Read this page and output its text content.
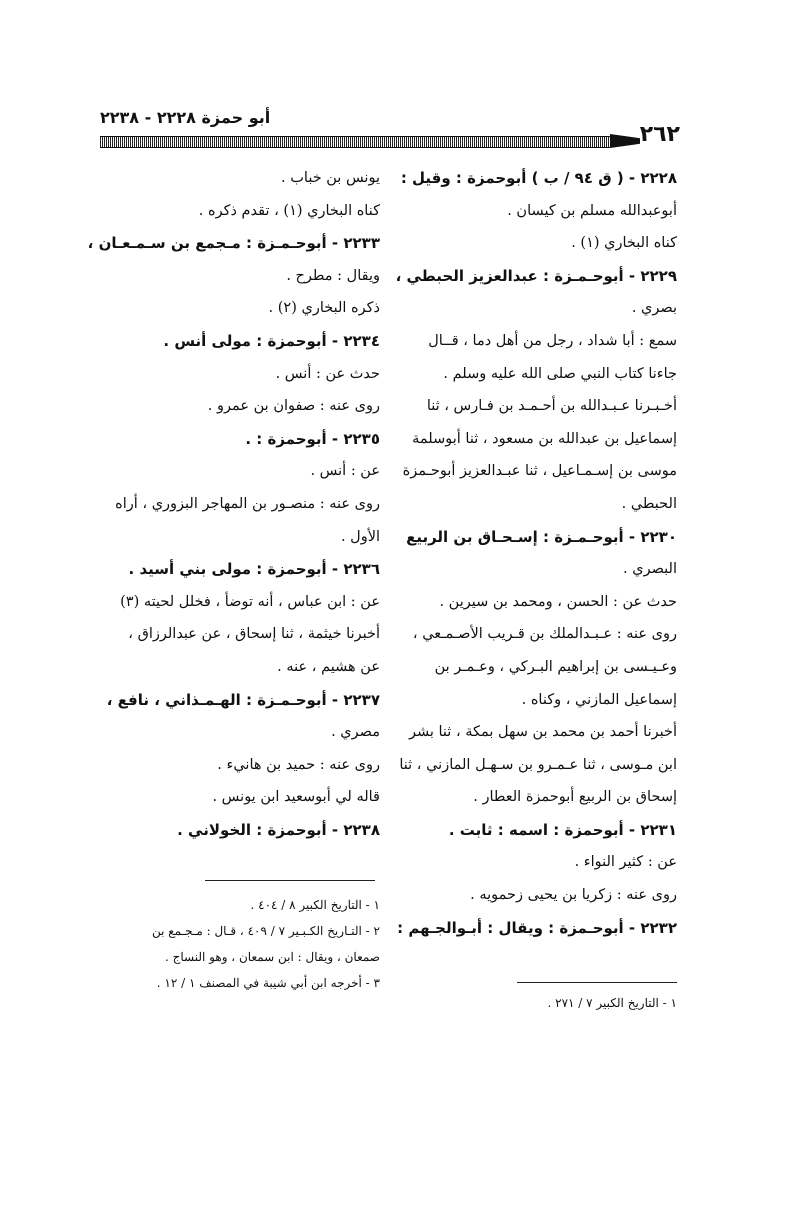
٢٦٢
أبو حمزة ٢٢٢٨ - ٢٢٣٨
٢٢٢٨ - ( ق ٩٤ / ب ) أبوحمزة : وقيل :
أبوعبدالله مسلم بن كيسان .
كناه البخاري (١) .
٢٢٢٩ - أبوحـمـزة : عبدالعزيز الحبطي ،
بصري .
سمع : أبا شداد ، رجل من أهل دما ، قــال
جاءنا كتاب النبي صلى الله عليه وسلم .
أخـبـرنا عـبـدالله بن أحـمـد بن فـارس ، ثنا
إسماعيل بن عبدالله بن مسعود ، ثنا أبوسلمة
موسى بن إسـمـاعيل ، ثنا عبـدالعزيز أبوحـمزة
الحبطي .
٢٢٣٠ - أبوحـمـزة : إسـحـاق بن الربيع
البصري .
حدث عن : الحسن ، ومحمد بن سيرين .
روى عنه : عـبـدالملك بن قـريب الأصـمـعي ،
وعـيـسى بن إبراهيم البـركي ، وعـمـر بن
إسماعيل المازني ، وكناه .
أخبرنا أحمد بن محمد بن سهل بمكة ، ثنا بشر
ابن مـوسى ، ثنا عـمـرو بن سـهـل المازني ، ثنا
إسحاق بن الربيع أبوحمزة العطار .
٢٢٣١ - أبوحمزة : اسمه : ثابت .
عن : كثير النواء .
روى عنه : زكريا بن يحيى زحمويه .
٢٢٣٢ - أبوحـمزة : ويقال : أبـوالجـهم :
يونس بن خباب .
كناه البخاري (١) ، تقدم ذكره .
٢٢٣٣ - أبوحـمـزة : مـجمع بن سـمـعـان ،
ويقال : مطرح .
ذكره البخاري (٢) .
٢٢٣٤ - أبوحمزة : مولى أنس .
حدث عن : أنس .
روى عنه : صفوان بن عمرو .
٢٢٣٥ - أبوحمزة : .
عن : أنس .
روى عنه : منصـور بن المهاجر البزوري ، أراه
الأول .
٢٢٣٦ - أبوحمزة : مولى بني أسيد .
عن : ابن عباس ، أنه توضأ ، فخلل لحيته (٣)
أخبرنا خيثمة ، ثنا إسحاق ، عن عبدالرزاق ،
عن هشيم ، عنه .
٢٢٣٧ - أبوحـمـزة : الهـمـذاني ، نافع ،
مصري .
روى عنه : حميد بن هانيء .
قاله لي أبوسعيد ابن يونس .
٢٢٣٨ - أبوحمزة : الخولاني .
١ - التاريخ الكبير ٧ / ٢٧١ .
١ - التاريخ الكبير ٨ / ٤٠٤ .
٢ - التـاريخ الكـبـير ٧ / ٤٠٩ ، قـال : مـجـمع بن
صمعان ، ويقال : ابن سمعان ، وهو النساج .
٣ - أخرجه ابن أبي شيبة في المصنف ١ / ١٢ .
